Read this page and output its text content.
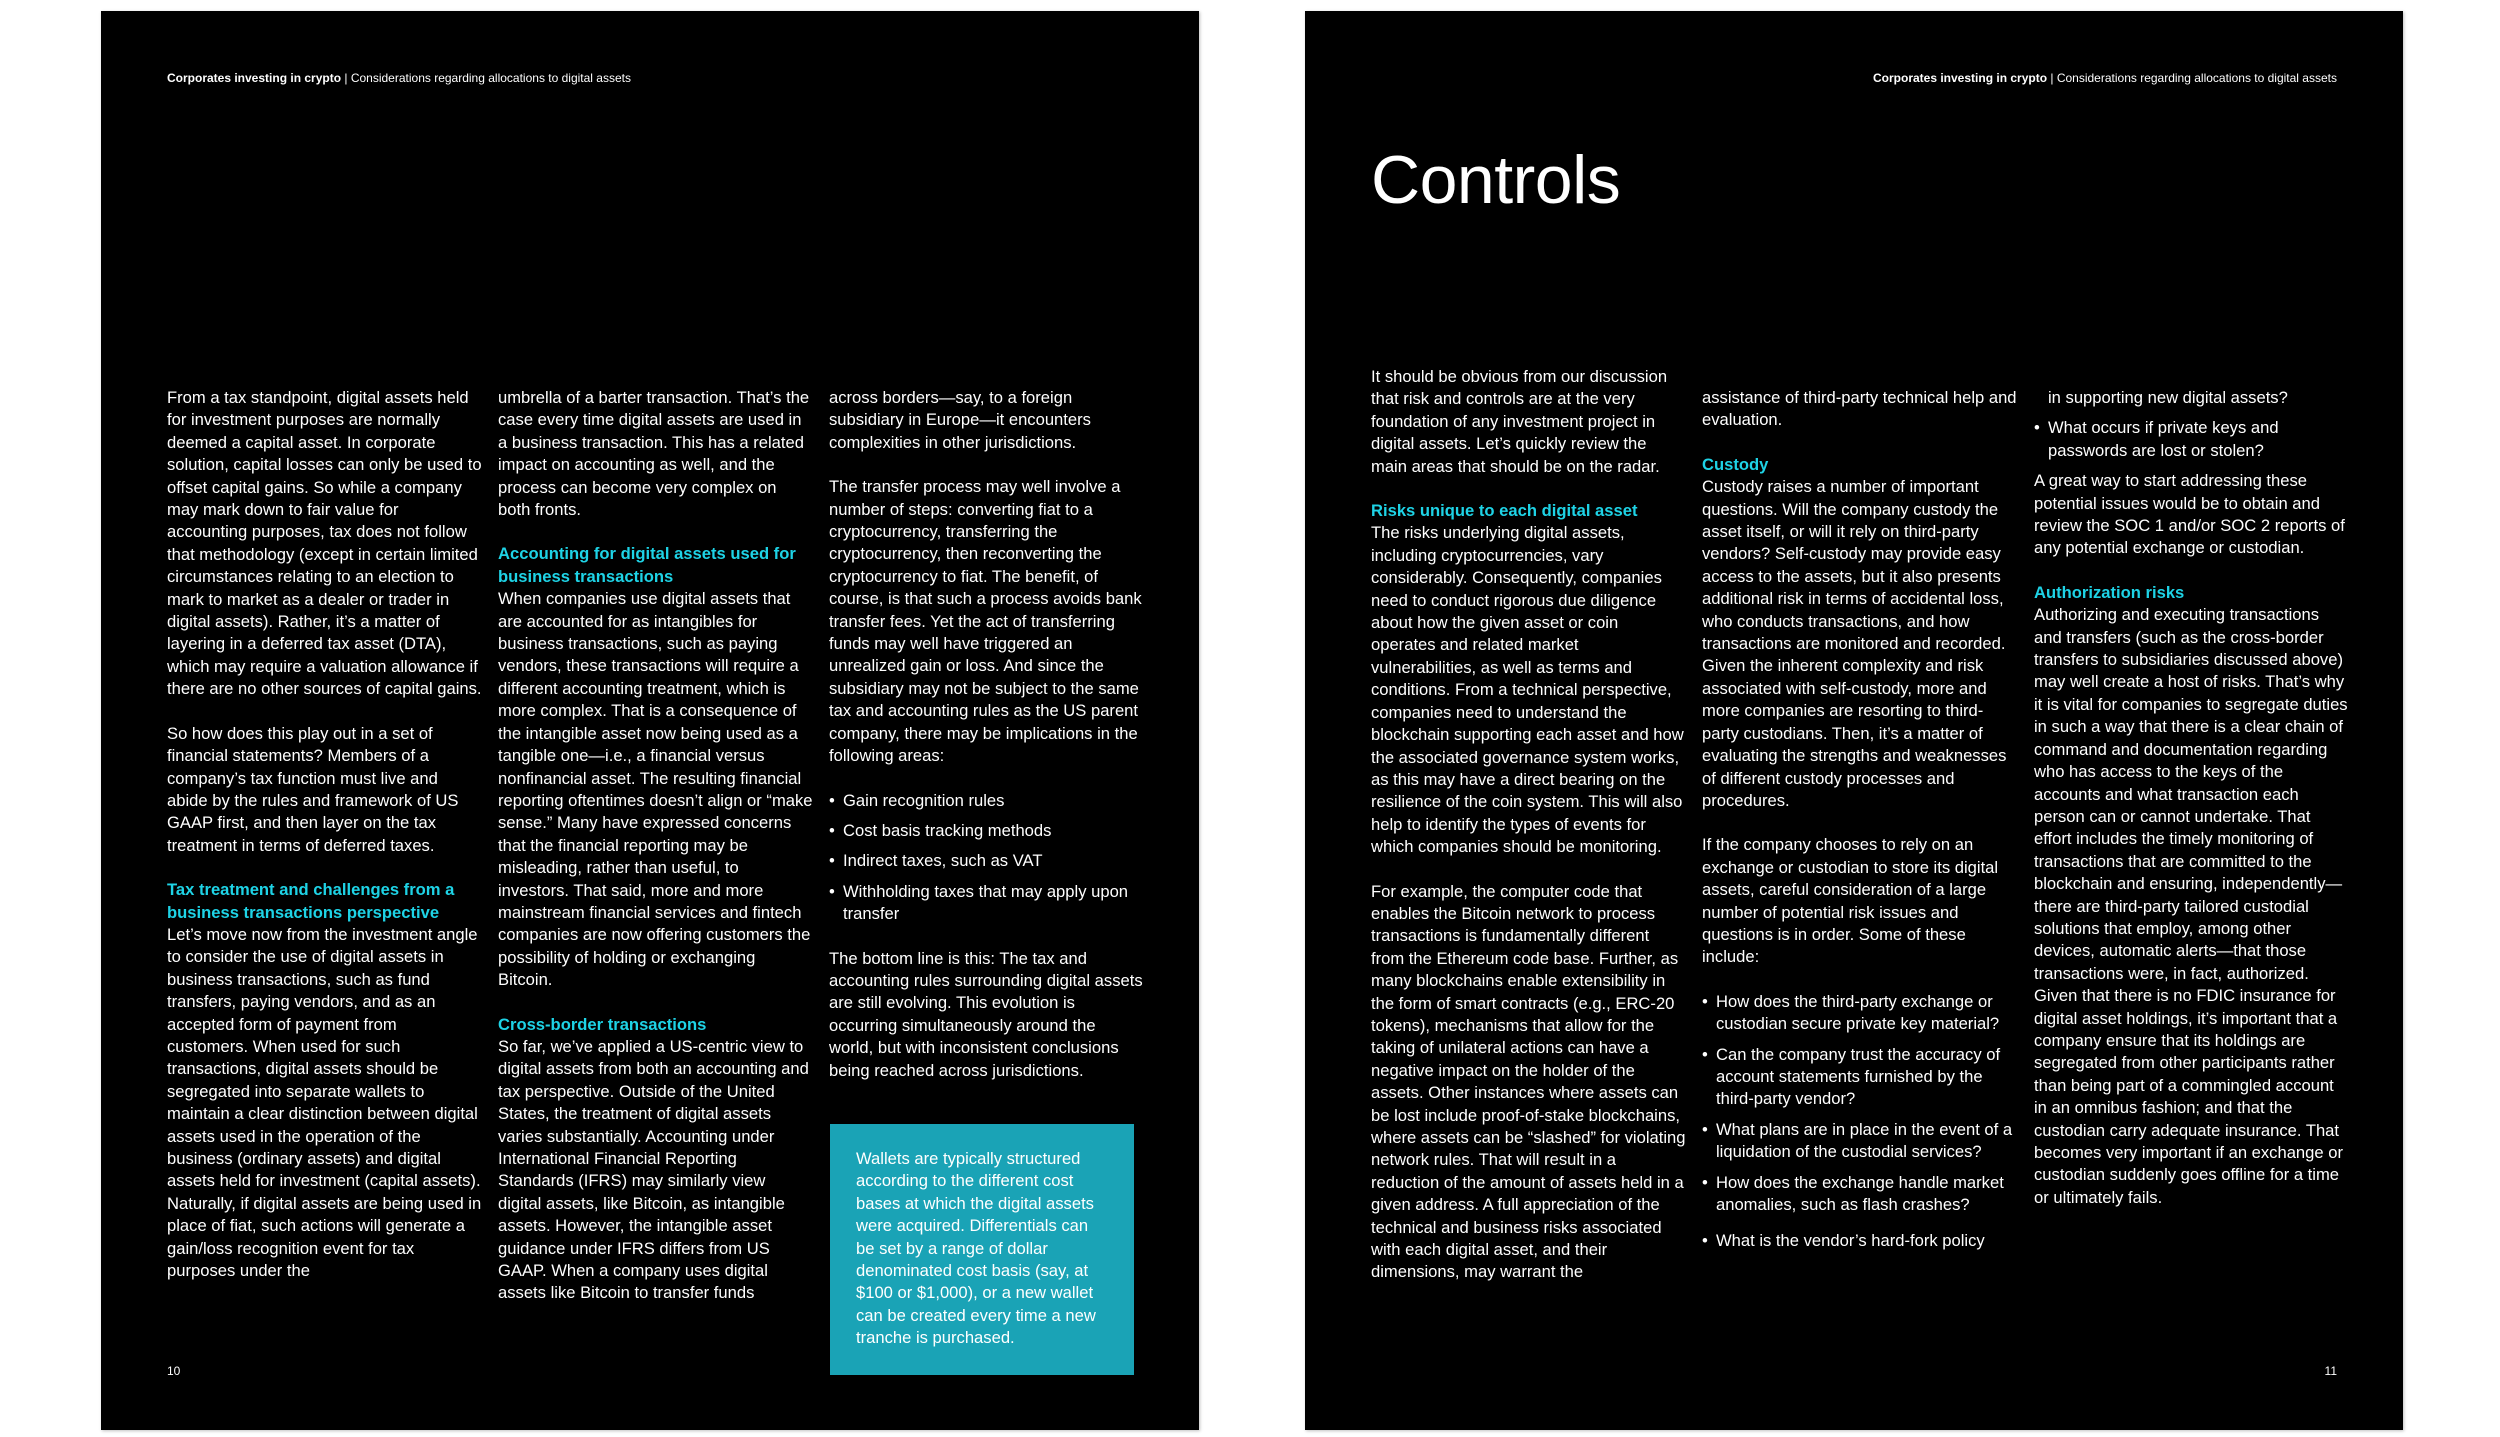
Corporates investing in crypto | Considerations regarding allocations to digital assets

From a tax standpoint, digital assets held for investment purposes are normally deemed a capital asset. In corporate solution, capital losses can only be used to offset capital gains. So while a company may mark down to fair value for accounting purposes, tax does not follow that methodology (except in certain limited circumstances relating to an election to mark to market as a dealer or trader in digital assets). Rather, it’s a matter of layering in a deferred tax asset (DTA), which may require a valuation allowance if there are no other sources of capital gains.

So how does this play out in a set of financial statements? Members of a company’s tax function must live and abide by the rules and framework of US GAAP first, and then layer on the tax treatment in terms of deferred taxes.

Tax treatment and challenges from a business transactions perspective

Let’s move now from the investment angle to consider the use of digital assets in business transactions, such as fund transfers, paying vendors, and as an accepted form of payment from customers. When used for such transactions, digital assets should be segregated into separate wallets to maintain a clear distinction between digital assets used in the operation of the business (ordinary assets) and digital assets held for investment (capital assets). Naturally, if digital assets are being used in place of fiat, such actions will generate a gain/loss recognition event for tax purposes under the

umbrella of a barter transaction. That’s the case every time digital assets are used in a business transaction. This has a related impact on accounting as well, and the process can become very complex on both fronts.

Accounting for digital assets used for business transactions

When companies use digital assets that are accounted for as intangibles for business transactions, such as paying vendors, these transactions will require a different accounting treatment, which is more complex. That is a consequence of the intangible asset now being used as a tangible one—i.e., a financial versus nonfinancial asset. The resulting financial reporting oftentimes doesn’t align or “make sense.” Many have expressed concerns that the financial reporting may be misleading, rather than useful, to investors. That said, more and more mainstream financial services and fintech companies are now offering customers the possibility of holding or exchanging Bitcoin.

Cross-border transactions

So far, we’ve applied a US-centric view to digital assets from both an accounting and tax perspective. Outside of the United States, the treatment of digital assets varies substantially. Accounting under International Financial Reporting Standards (IFRS) may similarly view digital assets, like Bitcoin, as intangible assets. However, the intangible asset guidance under IFRS differs from US GAAP. When a company uses digital assets like Bitcoin to transfer funds

across borders—say, to a foreign subsidiary in Europe—it encounters complexities in other jurisdictions.

The transfer process may well involve a number of steps: converting fiat to a cryptocurrency, transferring the cryptocurrency, then reconverting the cryptocurrency to fiat. The benefit, of course, is that such a process avoids bank transfer fees. Yet the act of transferring funds may well have triggered an unrealized gain or loss. And since the subsidiary may not be subject to the same tax and accounting rules as the US parent company, there may be implications in the following areas:

• Gain recognition rules
• Cost basis tracking methods
• Indirect taxes, such as VAT
• Withholding taxes that may apply upon transfer

The bottom line is this: The tax and accounting rules surrounding digital assets are still evolving. This evolution is occurring simultaneously around the world, but with inconsistent conclusions being reached across jurisdictions.

Wallets are typically structured according to the different cost bases at which the digital assets were acquired. Differentials can be set by a range of dollar denominated cost basis (say, at $100 or $1,000), or a new wallet can be created every time a new tranche is purchased.
10
Corporates investing in crypto | Considerations regarding allocations to digital assets
Controls

It should be obvious from our discussion that risk and controls are at the very foundation of any investment project in digital assets. Let’s quickly review the main areas that should be on the radar.

Risks unique to each digital asset

The risks underlying digital assets, including cryptocurrencies, vary considerably. Consequently, companies need to conduct rigorous due diligence about how the given asset or coin operates and related market vulnerabilities, as well as terms and conditions. From a technical perspective, companies need to understand the blockchain supporting each asset and how the associated governance system works, as this may have a direct bearing on the resilience of the coin system. This will also help to identify the types of events for which companies should be monitoring.

For example, the computer code that enables the Bitcoin network to process transactions is fundamentally different from the Ethereum code base. Further, as many blockchains enable extensibility in the form of smart contracts (e.g., ERC-20 tokens), mechanisms that allow for the taking of unilateral actions can have a negative impact on the holder of the assets. Other instances where assets can be lost include proof-of-stake blockchains, where assets can be “slashed” for violating network rules. That will result in a reduction of the amount of assets held in a given address. A full appreciation of the technical and business risks associated with each digital asset, and their dimensions, may warrant the

assistance of third-party technical help and evaluation.

Custody

Custody raises a number of important questions. Will the company custody the asset itself, or will it rely on third-party vendors? Self-custody may provide easy access to the assets, but it also presents additional risk in terms of accidental loss, who conducts transactions, and how transactions are monitored and recorded. Given the inherent complexity and risk associated with self-custody, more and more companies are resorting to third-party custodians. Then, it’s a matter of evaluating the strengths and weaknesses of different custody processes and procedures.

If the company chooses to rely on an exchange or custodian to store its digital assets, careful consideration of a large number of potential risk issues and questions is in order. Some of these include:

• How does the third-party exchange or custodian secure private key material?
• Can the company trust the accuracy of account statements furnished by the third-party vendor?
• What plans are in place in the event of a liquidation of the custodial services?
• How does the exchange handle market anomalies, such as flash crashes?
• What is the vendor’s hard-fork policy

in supporting new digital assets?

• What occurs if private keys and passwords are lost or stolen?

A great way to start addressing these potential issues would be to obtain and review the SOC 1 and/or SOC 2 reports of any potential exchange or custodian.

Authorization risks

Authorizing and executing transactions and transfers (such as the cross-border transfers to subsidiaries discussed above) may well create a host of risks. That’s why it is vital for companies to segregate duties in such a way that there is a clear chain of command and documentation regarding who has access to the keys of the accounts and what transaction each person can or cannot undertake. That effort includes the timely monitoring of transactions that are committed to the blockchain and ensuring, independently—there are third-party tailored custodial solutions that employ, among other devices, automatic alerts—that those transactions were, in fact, authorized. Given that there is no FDIC insurance for digital asset holdings, it’s important that a company ensure that its holdings are segregated from other participants rather than being part of a commingled account in an omnibus fashion; and that the custodian carry adequate insurance. That becomes very important if an exchange or custodian suddenly goes offline for a time or ultimately fails.

11
